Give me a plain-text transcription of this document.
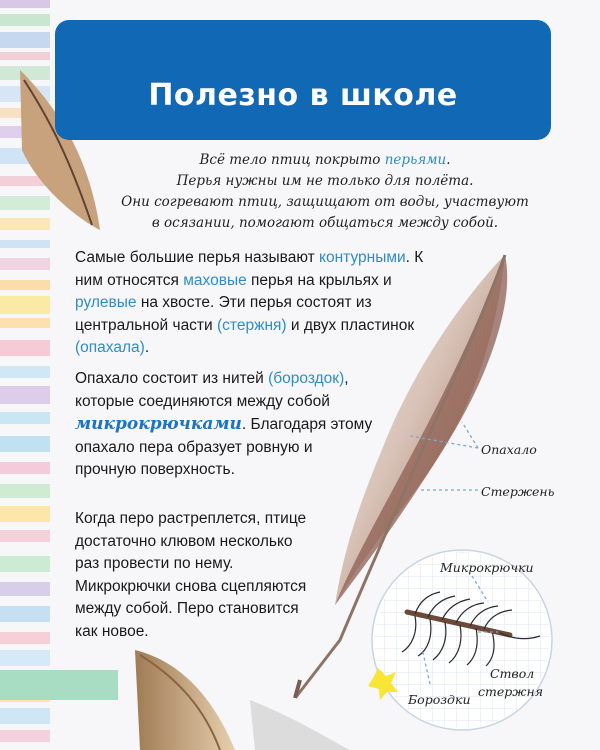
Полезно в школе
Всё тело птиц покрыто перьями.
Перья нужны им не только для полёта.
Они согревают птиц, защищают от воды, участвуют
в осязании, помогают общаться между собой.
Самые большие перья называют контурными. К ним относятся маховые перья на крыльях и рулевые на хвосте. Эти перья состоят из центральной части (стержня) и двух пластинок (опахала).
Опахало состоит из нитей (бороздок), которые соединяются между собой микрокрючками. Благодаря этому опахало пера образует ровную и прочную поверхность.
Когда перо растреплется, птице достаточно клювом несколько раз провести по нему. Микрокрючки снова сцепляются между собой. Перо становится как новое.
Опахало
Стержень
Микрокрючки
Ствол
стержня
Бороздки
